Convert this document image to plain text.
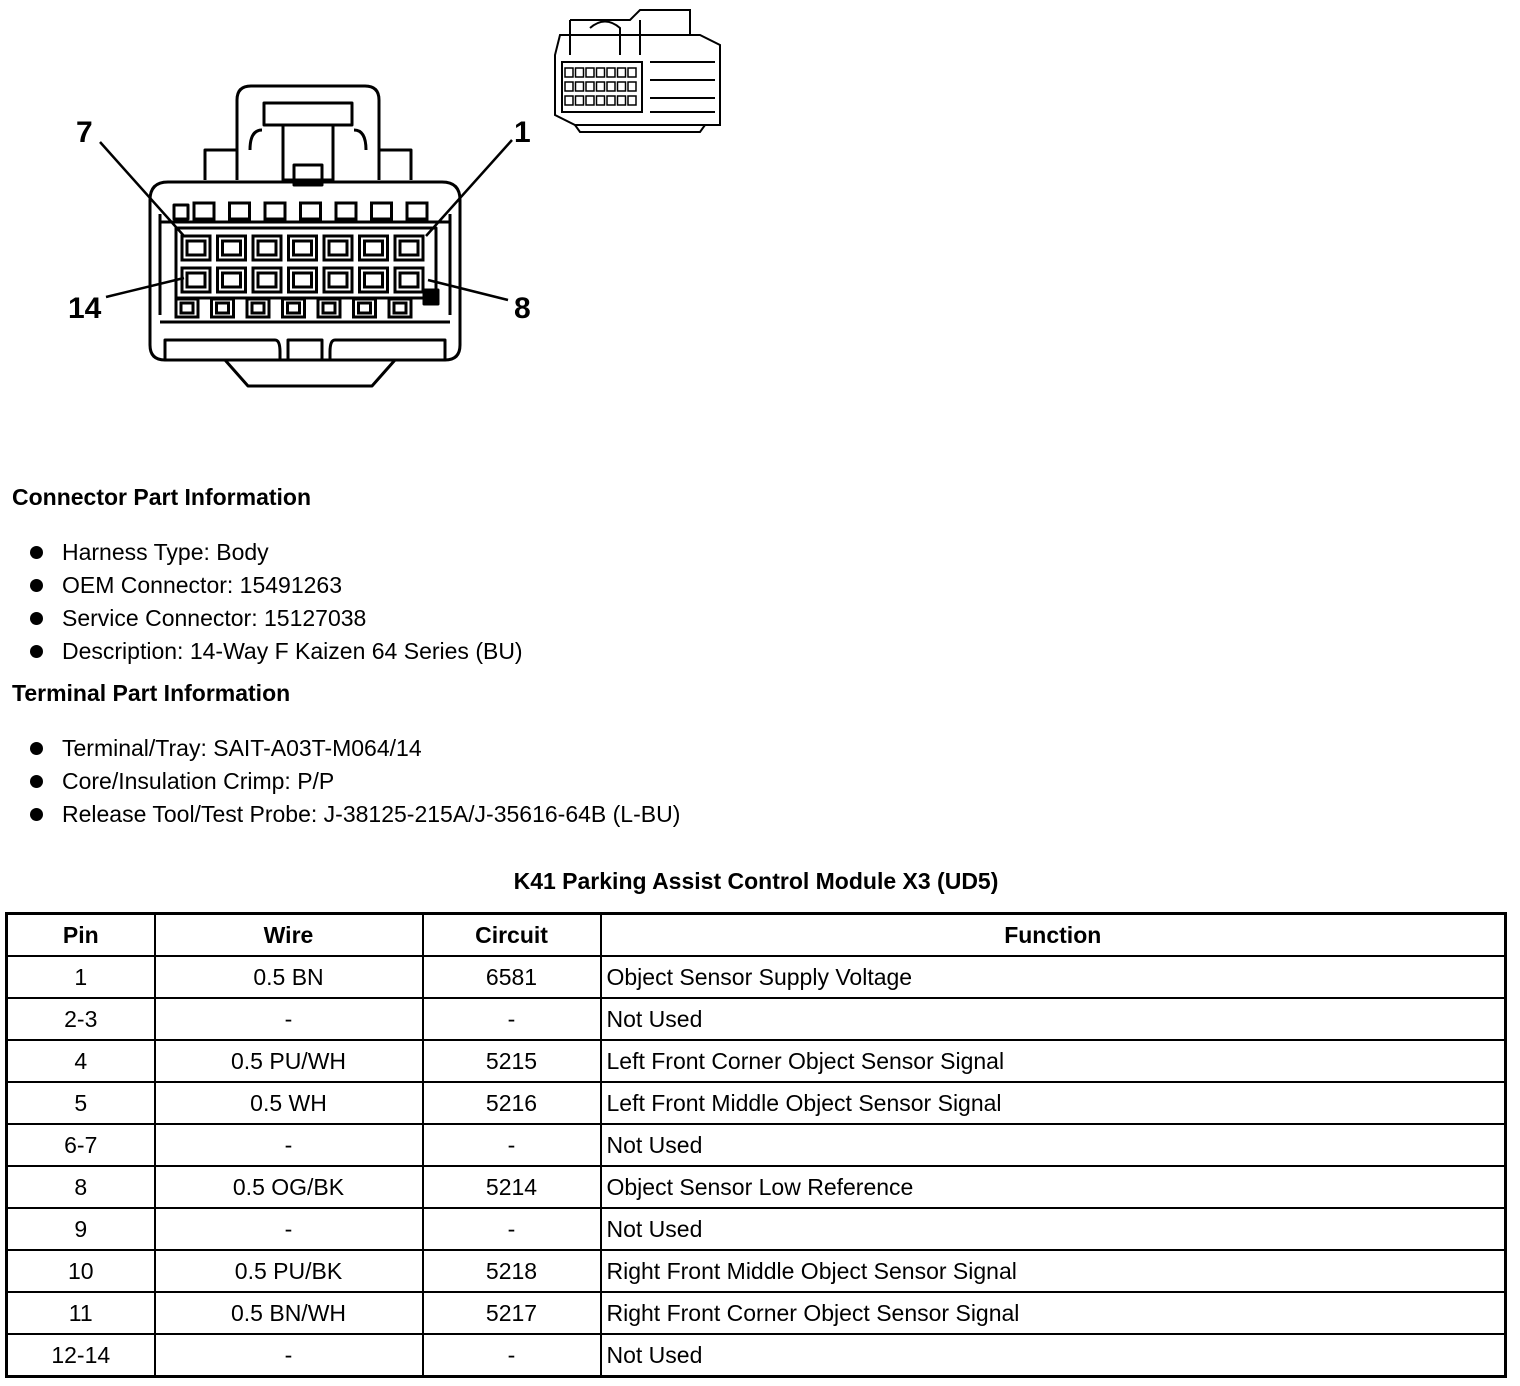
7	1
14	8
Connector Part Information
Harness Type: Body
OEM Connector: 15491263
Service Connector: 15127038
Description: 14-Way F Kaizen 64 Series (BU)
Terminal Part Information
Terminal/Tray: SAIT-A03T-M064/14
Core/Insulation Crimp: P/P
Release Tool/Test Probe: J-38125-215A/J-35616-64B (L-BU)
K41 Parking Assist Control Module X3 (UD5)
Pin	Wire	Circuit	Function
1	0.5 BN	6581	Object Sensor Supply Voltage
2-3	-	-	Not Used
4	0.5 PU/WH	5215	Left Front Corner Object Sensor Signal
5	0.5 WH	5216	Left Front Middle Object Sensor Signal
6-7	-	-	Not Used
8	0.5 OG/BK	5214	Object Sensor Low Reference
9	-	-	Not Used
10	0.5 PU/BK	5218	Right Front Middle Object Sensor Signal
11	0.5 BN/WH	5217	Right Front Corner Object Sensor Signal
12-14	-	-	Not Used
